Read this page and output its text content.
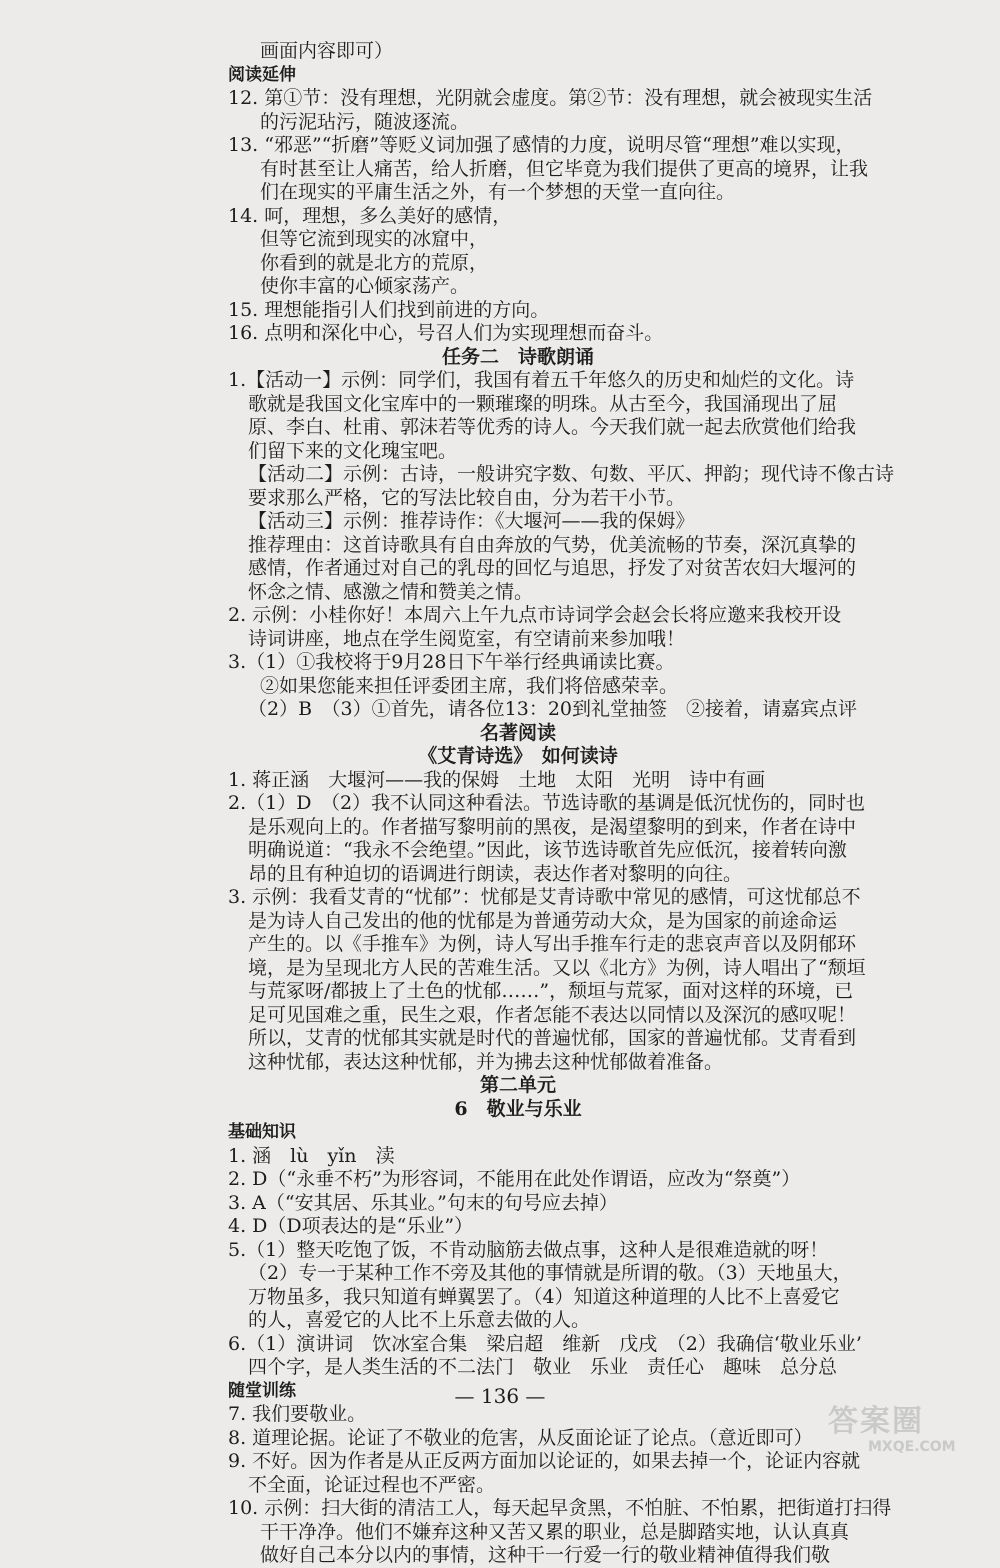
画面内容即可）
阅读延伸
12. 第①节：没有理想，光阴就会虚度。第②节：没有理想，就会被现实生活
的污泥玷污，随波逐流。
13. “邪恶”“折磨”等贬义词加强了感情的力度，说明尽管“理想”难以实现，
有时甚至让人痛苦，给人折磨，但它毕竟为我们提供了更高的境界，让我
们在现实的平庸生活之外，有一个梦想的天堂一直向往。
14. 呵，理想，多么美好的感情，
但等它流到现实的冰窟中，
你看到的就是北方的荒原，
使你丰富的心倾家荡产。
15. 理想能指引人们找到前进的方向。
16. 点明和深化中心，号召人们为实现理想而奋斗。
任务二　诗歌朗诵
1.【活动一】示例：同学们，我国有着五千年悠久的历史和灿烂的文化。诗
歌就是我国文化宝库中的一颗璀璨的明珠。从古至今，我国涌现出了屈
原、李白、杜甫、郭沫若等优秀的诗人。今天我们就一起去欣赏他们给我
们留下来的文化瑰宝吧。
【活动二】示例：古诗，一般讲究字数、句数、平仄、押韵；现代诗不像古诗
要求那么严格，它的写法比较自由，分为若干小节。
【活动三】示例：推荐诗作：《大堰河——我的保姆》
推荐理由：这首诗歌具有自由奔放的气势，优美流畅的节奏，深沉真挚的
感情，作者通过对自己的乳母的回忆与追思，抒发了对贫苦农妇大堰河的
怀念之情、感激之情和赞美之情。
2. 示例：小桂你好！本周六上午九点市诗词学会赵会长将应邀来我校开设
诗词讲座，地点在学生阅览室，有空请前来参加哦！
3.（1）①我校将于9月28日下午举行经典诵读比赛。
②如果您能来担任评委团主席，我们将倍感荣幸。
（2）B　（3）①首先，请各位13：20到礼堂抽签　②接着，请嘉宾点评
名著阅读
《艾青诗选》　如何读诗
1. 蒋正涵　大堰河——我的保姆　土地　太阳　光明　诗中有画
2.（1）D　（2）我不认同这种看法。节选诗歌的基调是低沉忧伤的，同时也
是乐观向上的。作者描写黎明前的黑夜，是渴望黎明的到来，作者在诗中
明确说道：“我永不会绝望。”因此，该节选诗歌首先应低沉，接着转向激
昂的且有种迫切的语调进行朗读，表达作者对黎明的向往。
3. 示例：我看艾青的“忧郁”：忧郁是艾青诗歌中常见的感情，可这忧郁总不
是为诗人自己发出的他的忧郁是为普通劳动大众，是为国家的前途命运
产生的。以《手推车》为例，诗人写出手推车行走的悲哀声音以及阴郁环
境，是为呈现北方人民的苦难生活。又以《北方》为例，诗人唱出了“颓垣
与荒冢呀/都披上了土色的忧郁……”，颓垣与荒冢，面对这样的环境，已
足可见国难之重，民生之艰，作者怎能不表达以同情以及深沉的感叹呢！
所以，艾青的忧郁其实就是时代的普遍忧郁，国家的普遍忧郁。艾青看到
这种忧郁，表达这种忧郁，并为拂去这种忧郁做着准备。
第二单元
6　敬业与乐业
基础知识
1. 涵　lù　yǐn　渎
2. D（“永垂不朽”为形容词，不能用在此处作谓语，应改为“祭奠”）
3. A（“安其居、乐其业。”句末的句号应去掉）
4. D（D项表达的是“乐业”）
5.（1）整天吃饱了饭，不肯动脑筋去做点事，这种人是很难造就的呀！
（2）专一于某种工作不旁及其他的事情就是所谓的敬。（3）天地虽大，
万物虽多，我只知道有蝉翼罢了。（4）知道这种道理的人比不上喜爱它
的人，喜爱它的人比不上乐意去做的人。
6.（1）演讲词　饮冰室合集　梁启超　维新　戊戌　（2）我确信‘敬业乐业’
四个字，是人类生活的不二法门　敬业　乐业　责任心　趣味　总分总
随堂训练
7. 我们要敬业。
8. 道理论据。论证了不敬业的危害，从反面论证了论点。（意近即可）
9. 不好。因为作者是从正反两方面加以论证的，如果去掉一个，论证内容就
不全面，论证过程也不严密。
10. 示例：扫大街的清洁工人，每天起早贪黑，不怕脏、不怕累，把街道打扫得
干干净净。他们不嫌弃这种又苦又累的职业，总是脚踏实地，认认真真
做好自己本分以内的事情，这种干一行爱一行的敬业精神值得我们敬
— 136 —
答案圈
MXQE.COM
